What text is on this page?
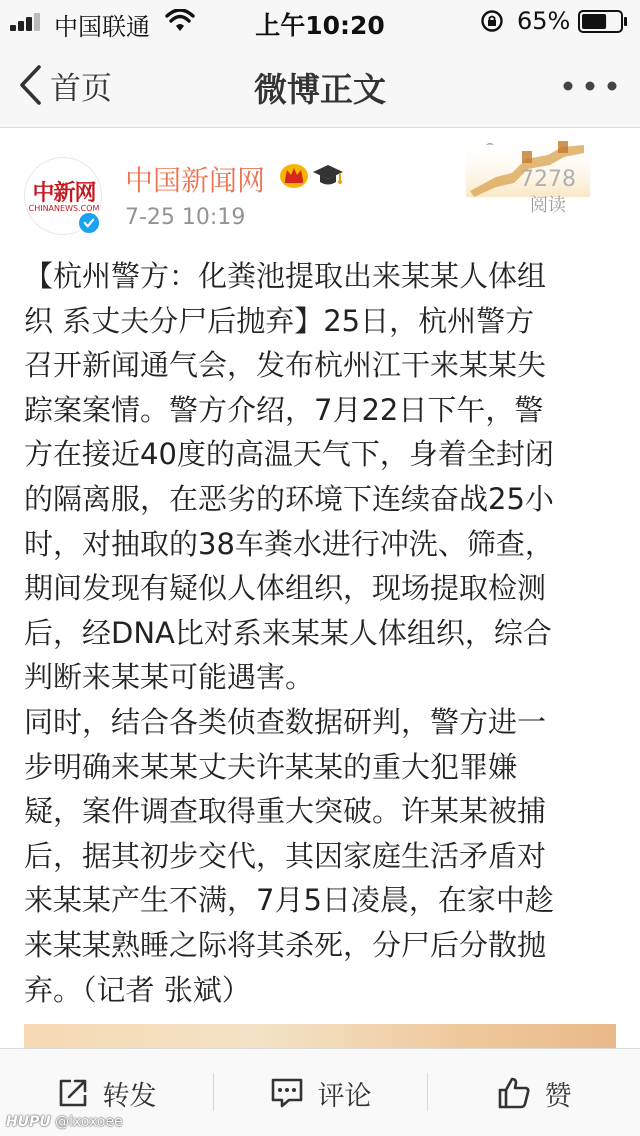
中国联通	上午10:20	65%
首页	微博正文
中新网
CHINANEWS.COM
中国新闻网
7-25 10:19
7278
阅读
【杭州警方：化粪池提取出来某某人体组
织 系丈夫分尸后抛弃】25日，杭州警方
召开新闻通气会，发布杭州江干来某某失
踪案案情。警方介绍，7月22日下午，警
方在接近40度的高温天气下，身着全封闭
的隔离服，在恶劣的环境下连续奋战25小
时，对抽取的38车粪水进行冲洗、筛查，
期间发现有疑似人体组织，现场提取检测
后，经DNA比对系来某某人体组织，综合
判断来某某可能遇害。
同时，结合各类侦查数据研判，警方进一
步明确来某某丈夫许某某的重大犯罪嫌
疑，案件调查取得重大突破。许某某被捕
后，据其初步交代，其因家庭生活矛盾对
来某某产生不满，7月5日凌晨，在家中趁
来某某熟睡之际将其杀死，分尸后分散抛
弃。（记者 张斌）
转发	评论	赞
HUPU @lxoxoee
